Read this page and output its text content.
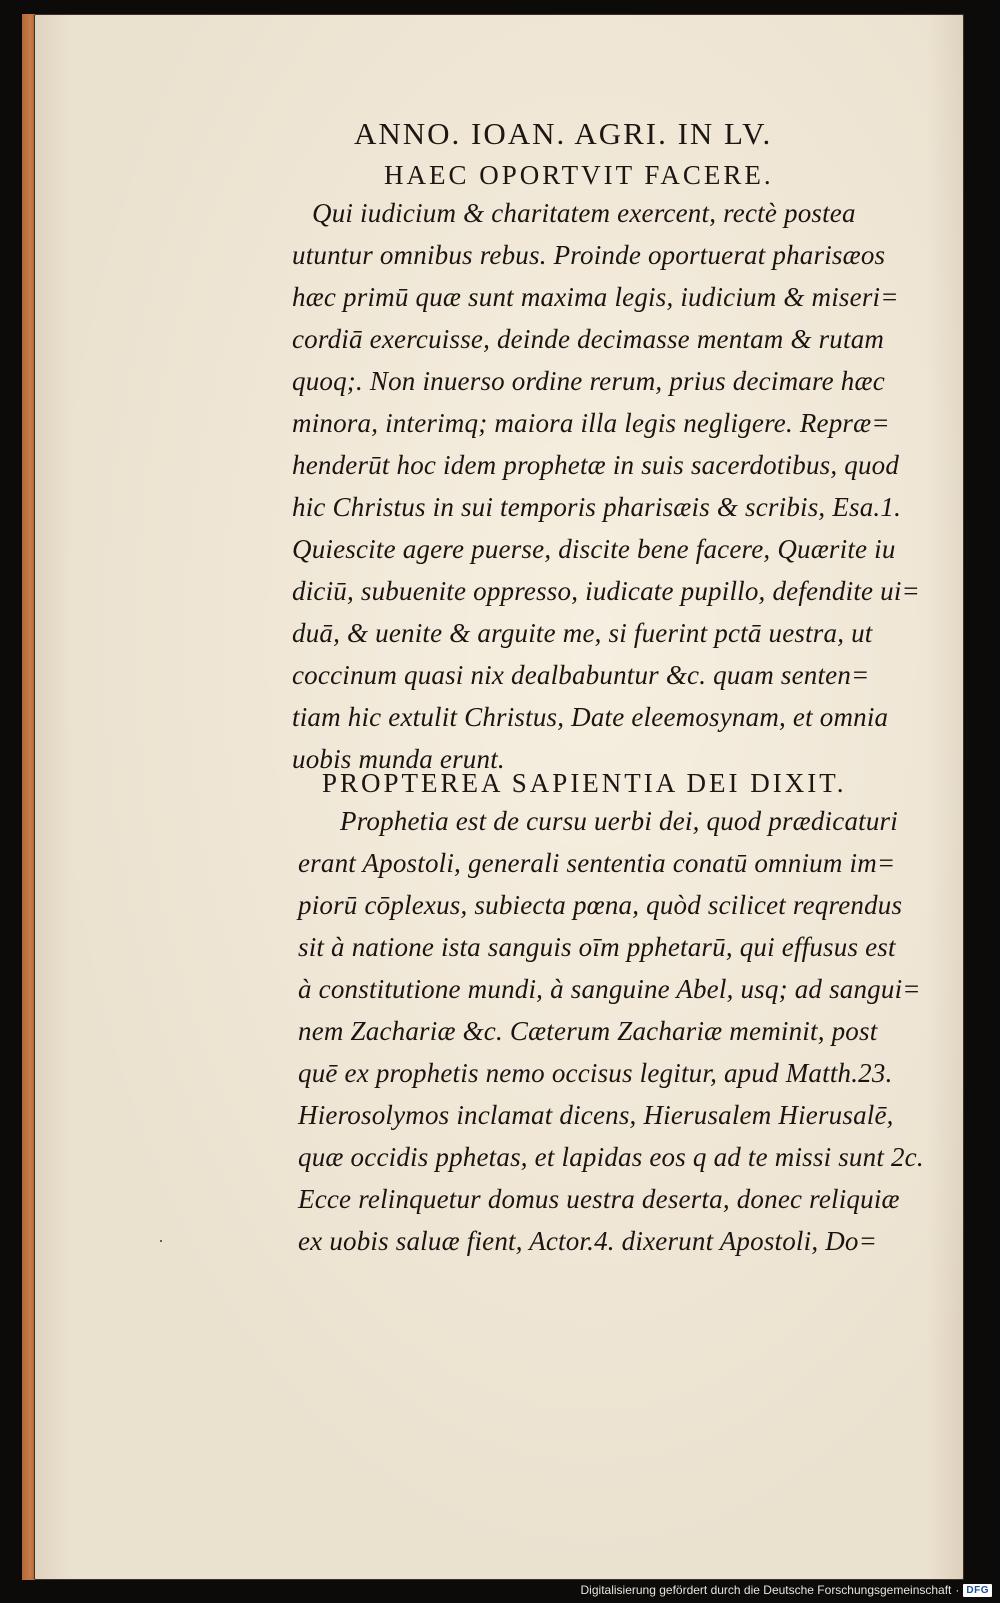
ANNO. IOAN. AGRI. IN LV.
HAEC OPORTVIT FACERE.

Qui iudicium & charitatem exercent, rectè postea

utuntur omnibus rebus. Proinde oportuerat pharisæos

hæc primū quæ sunt maxima legis, iudicium & miseri=

cordiā exercuisse, deinde decimasse mentam & rutam

quoq;. Non inuerso ordine rerum, prius decimare hæc

minora, interimq; maiora illa legis negligere. Repræ=

henderūt hoc idem prophetæ in suis sacerdotibus, quod

hic Christus in sui temporis pharisæis & scribis, Esa.1.

Quiescite agere puerse, discite bene facere, Quærite iu

diciū, subuenite oppresso, iudicate pupillo, defendite ui=

duā, & uenite & arguite me, si fuerint pctā uestra, ut

coccinum quasi nix dealbabuntur &c. quam senten=

tiam hic extulit Christus, Date eleemosynam, et omnia

uobis munda erunt.

PROPTEREA SAPIENTIA DEI DIXIT.

Prophetia est de cursu uerbi dei, quod prædicaturi

erant Apostoli, generali sententia conatū omnium im=

piorū cōplexus, subiecta pœna, quòd scilicet reqrendus

sit à natione ista sanguis oīm pphetarū, qui effusus est

à constitutione mundi, à sanguine Abel, usq; ad sangui=

nem Zachariæ &c. Cæterum Zachariæ meminit, post

quē ex prophetis nemo occisus legitur, apud Matth.23.

Hierosolymos inclamat dicens, Hierusalem Hierusalē,

quæ occidis pphetas, et lapidas eos q ad te missi sunt 2c.

Ecce relinquetur domus uestra deserta, donec reliquiæ

ex uobis saluæ fient, Actor.4. dixerunt Apostoli, Do=

Digitalisierung gefördert durch die Deutsche Forschungsgemeinschaft · DFG
